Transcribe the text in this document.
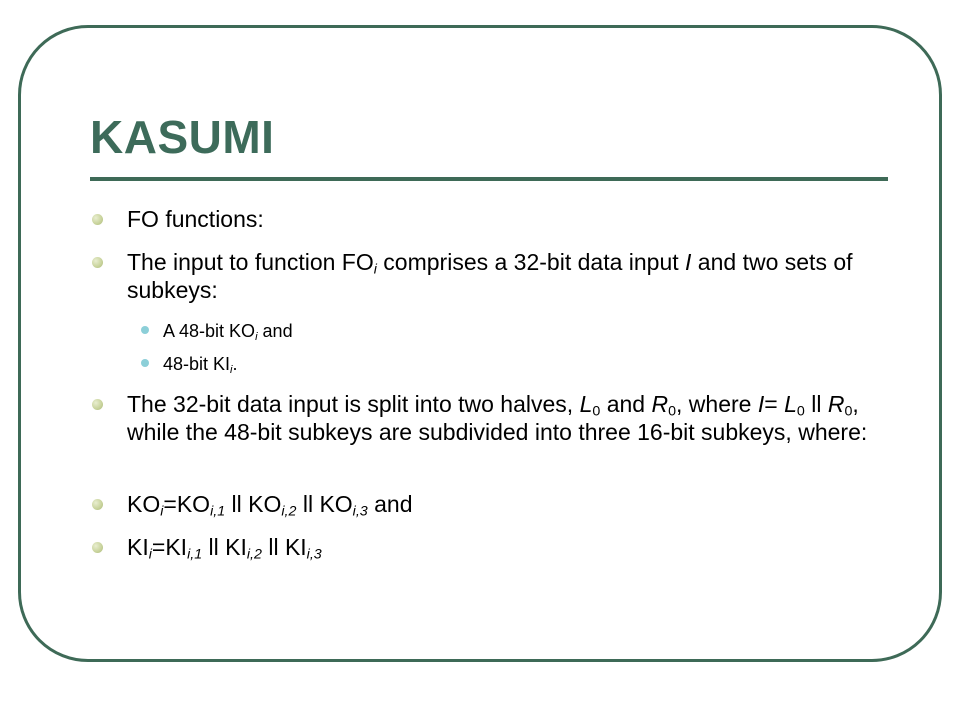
KASUMI
FO functions:
The input to function $FO_i$ comprises a 32-bit data input I and two sets of subkeys:
A 48-bit $KO_i$ and
48-bit $KI_i$.
The 32-bit data input is split into two halves, $L_0$ and $R_0$, where $I= L_0$ ll $R_0$, while the 48-bit subkeys are subdivided into three 16-bit subkeys, where:
$KO_i=KO_{i,1}$ ll $KO_{i,2}$ ll $KO_{i,3}$ and
$KI_i=KI_{i,1}$ ll $KI_{i,2}$ ll $KI_{i,3}$
